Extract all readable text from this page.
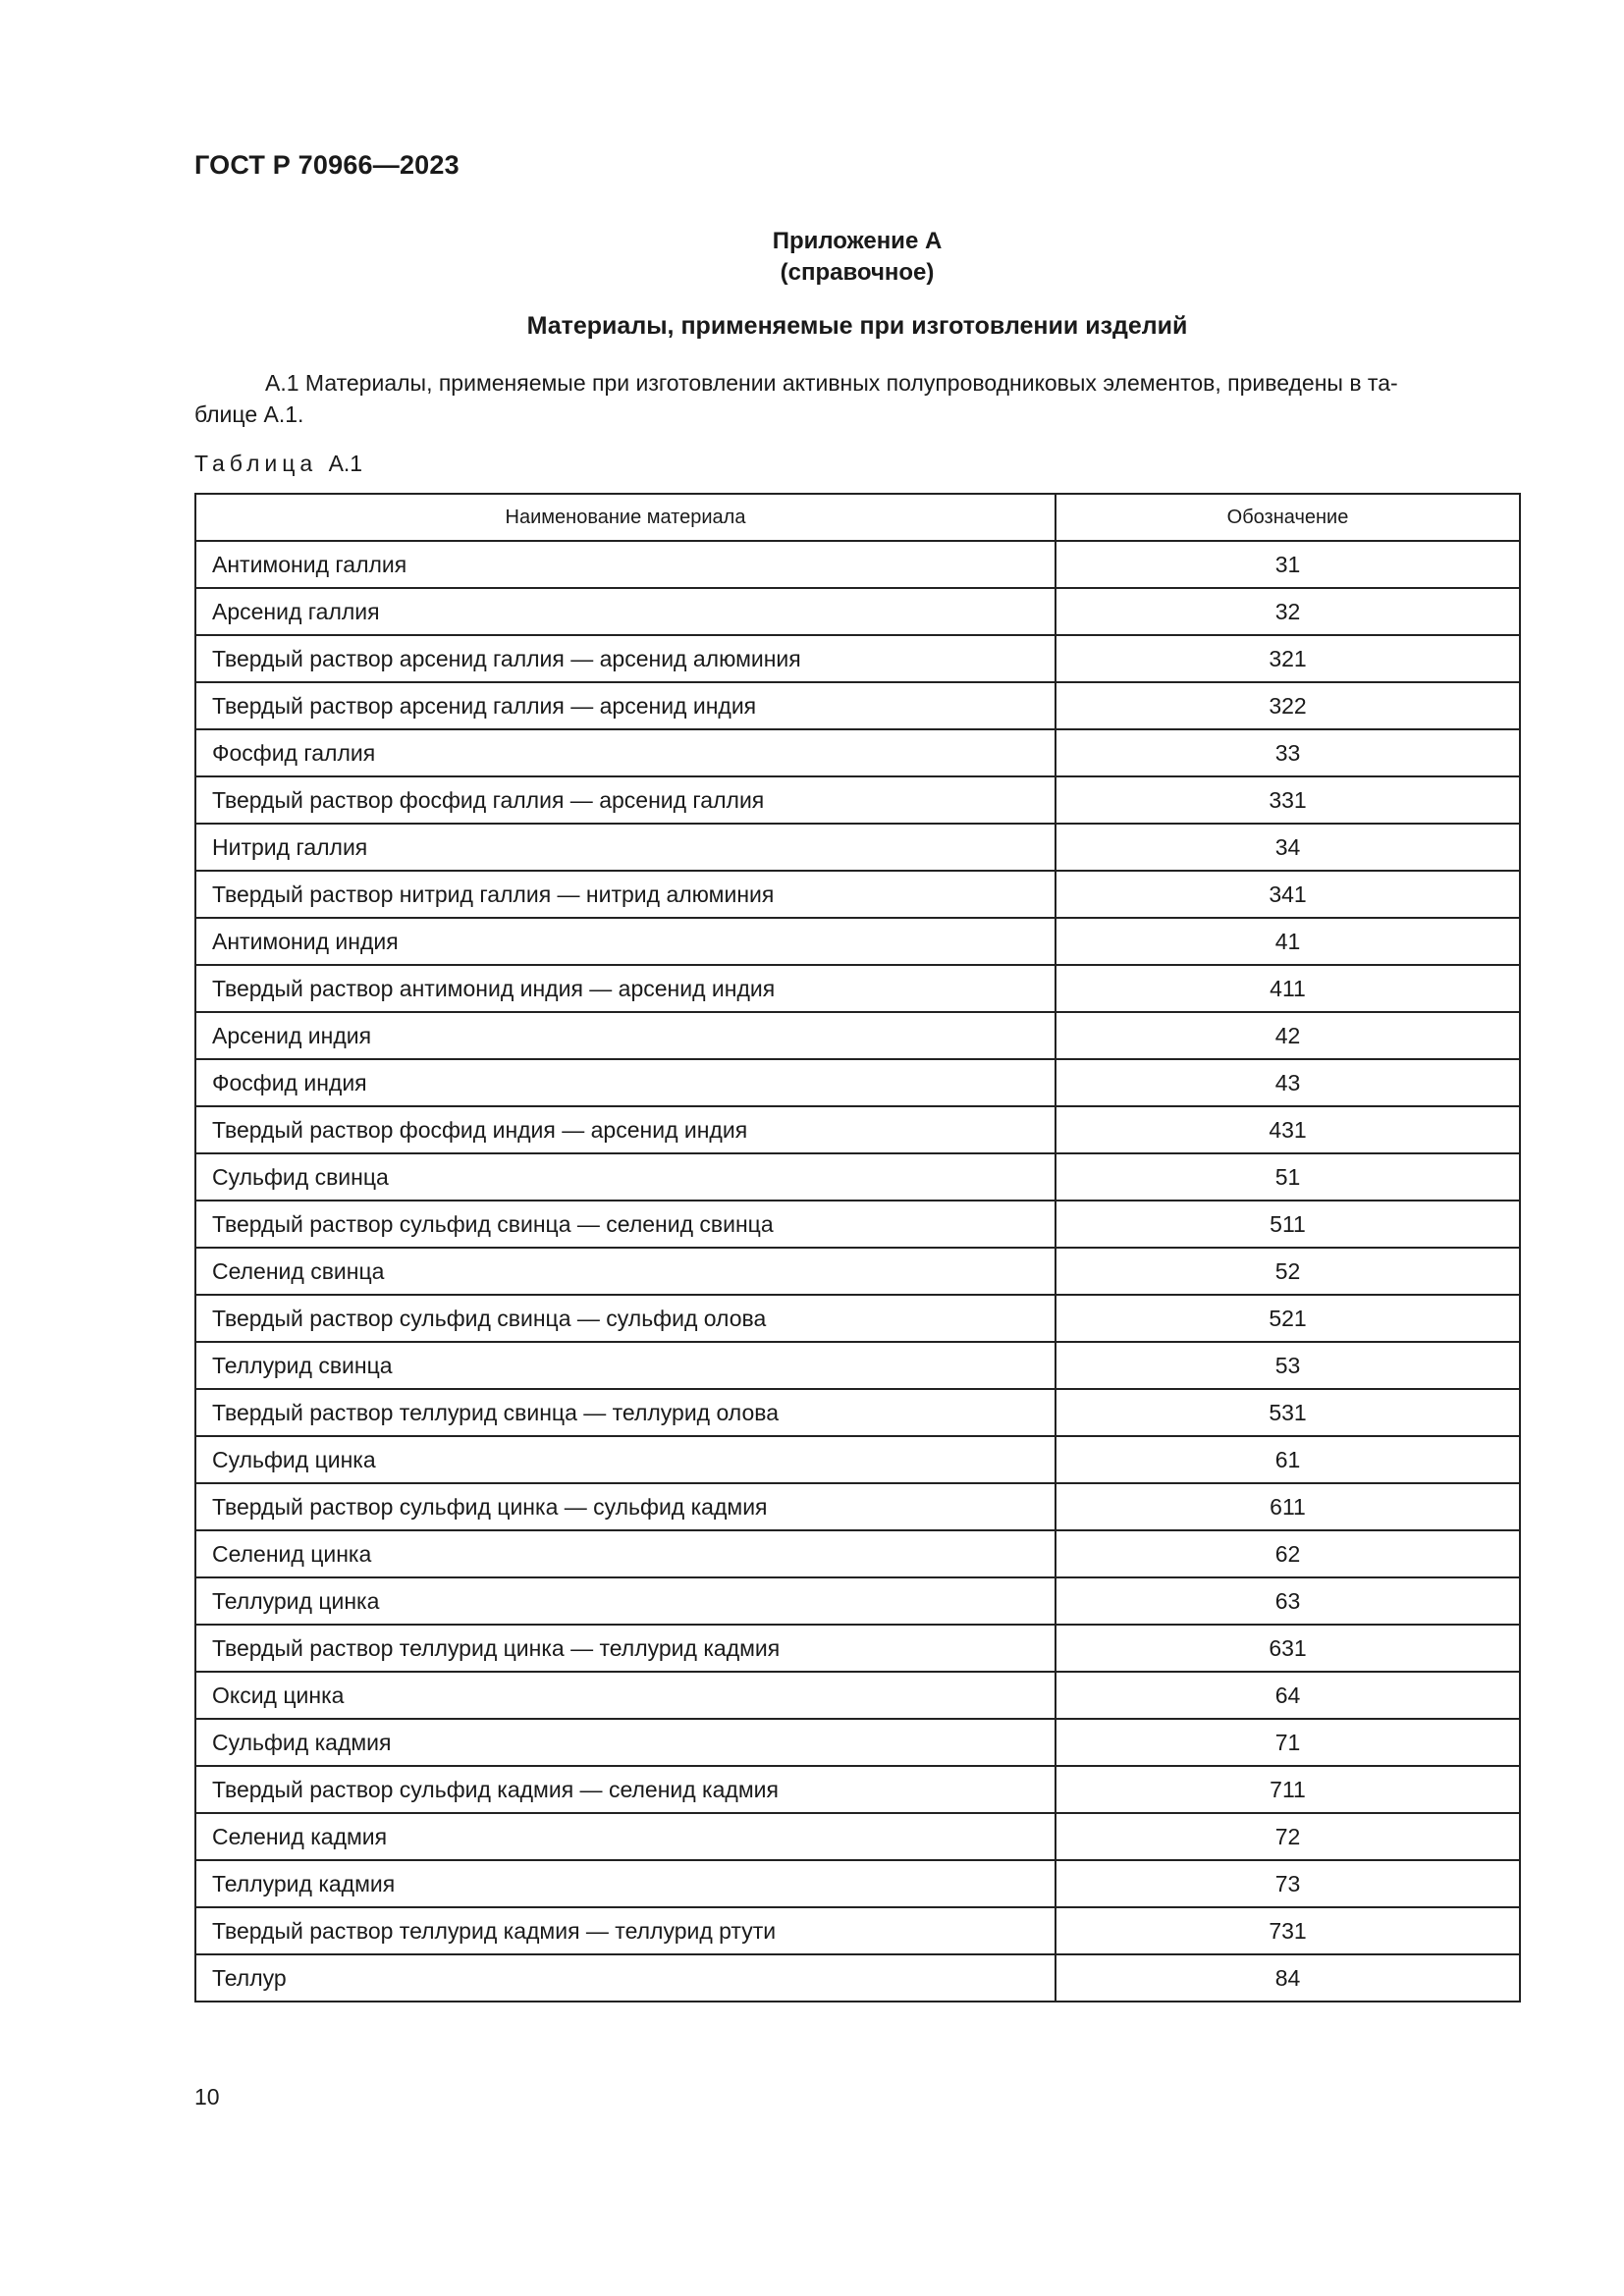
ГОСТ Р 70966—2023
Приложение А
(справочное)
Материалы, применяемые при изготовлении изделий
А.1 Материалы, применяемые при изготовлении активных полупроводниковых элементов, приведены в та-
блице А.1.
Таблица А.1
Наименование материала	Обозначение
Антимонид галлия	31
Арсенид галлия	32
Твердый раствор арсенид галлия — арсенид алюминия	321
Твердый раствор арсенид галлия — арсенид индия	322
Фосфид галлия	33
Твердый раствор фосфид галлия — арсенид галлия	331
Нитрид галлия	34
Твердый раствор нитрид галлия — нитрид алюминия	341
Антимонид индия	41
Твердый раствор антимонид индия — арсенид индия	411
Арсенид индия	42
Фосфид индия	43
Твердый раствор фосфид индия — арсенид индия	431
Сульфид свинца	51
Твердый раствор сульфид свинца — селенид свинца	511
Селенид свинца	52
Твердый раствор сульфид свинца — сульфид олова	521
Теллурид свинца	53
Твердый раствор теллурид свинца — теллурид олова	531
Сульфид цинка	61
Твердый раствор сульфид цинка — сульфид кадмия	611
Селенид цинка	62
Теллурид цинка	63
Твердый раствор теллурид цинка — теллурид кадмия	631
Оксид цинка	64
Сульфид кадмия	71
Твердый раствор сульфид кадмия — селенид кадмия	711
Селенид кадмия	72
Теллурид кадмия	73
Твердый раствор теллурид кадмия — теллурид ртути	731
Теллур	84
10
